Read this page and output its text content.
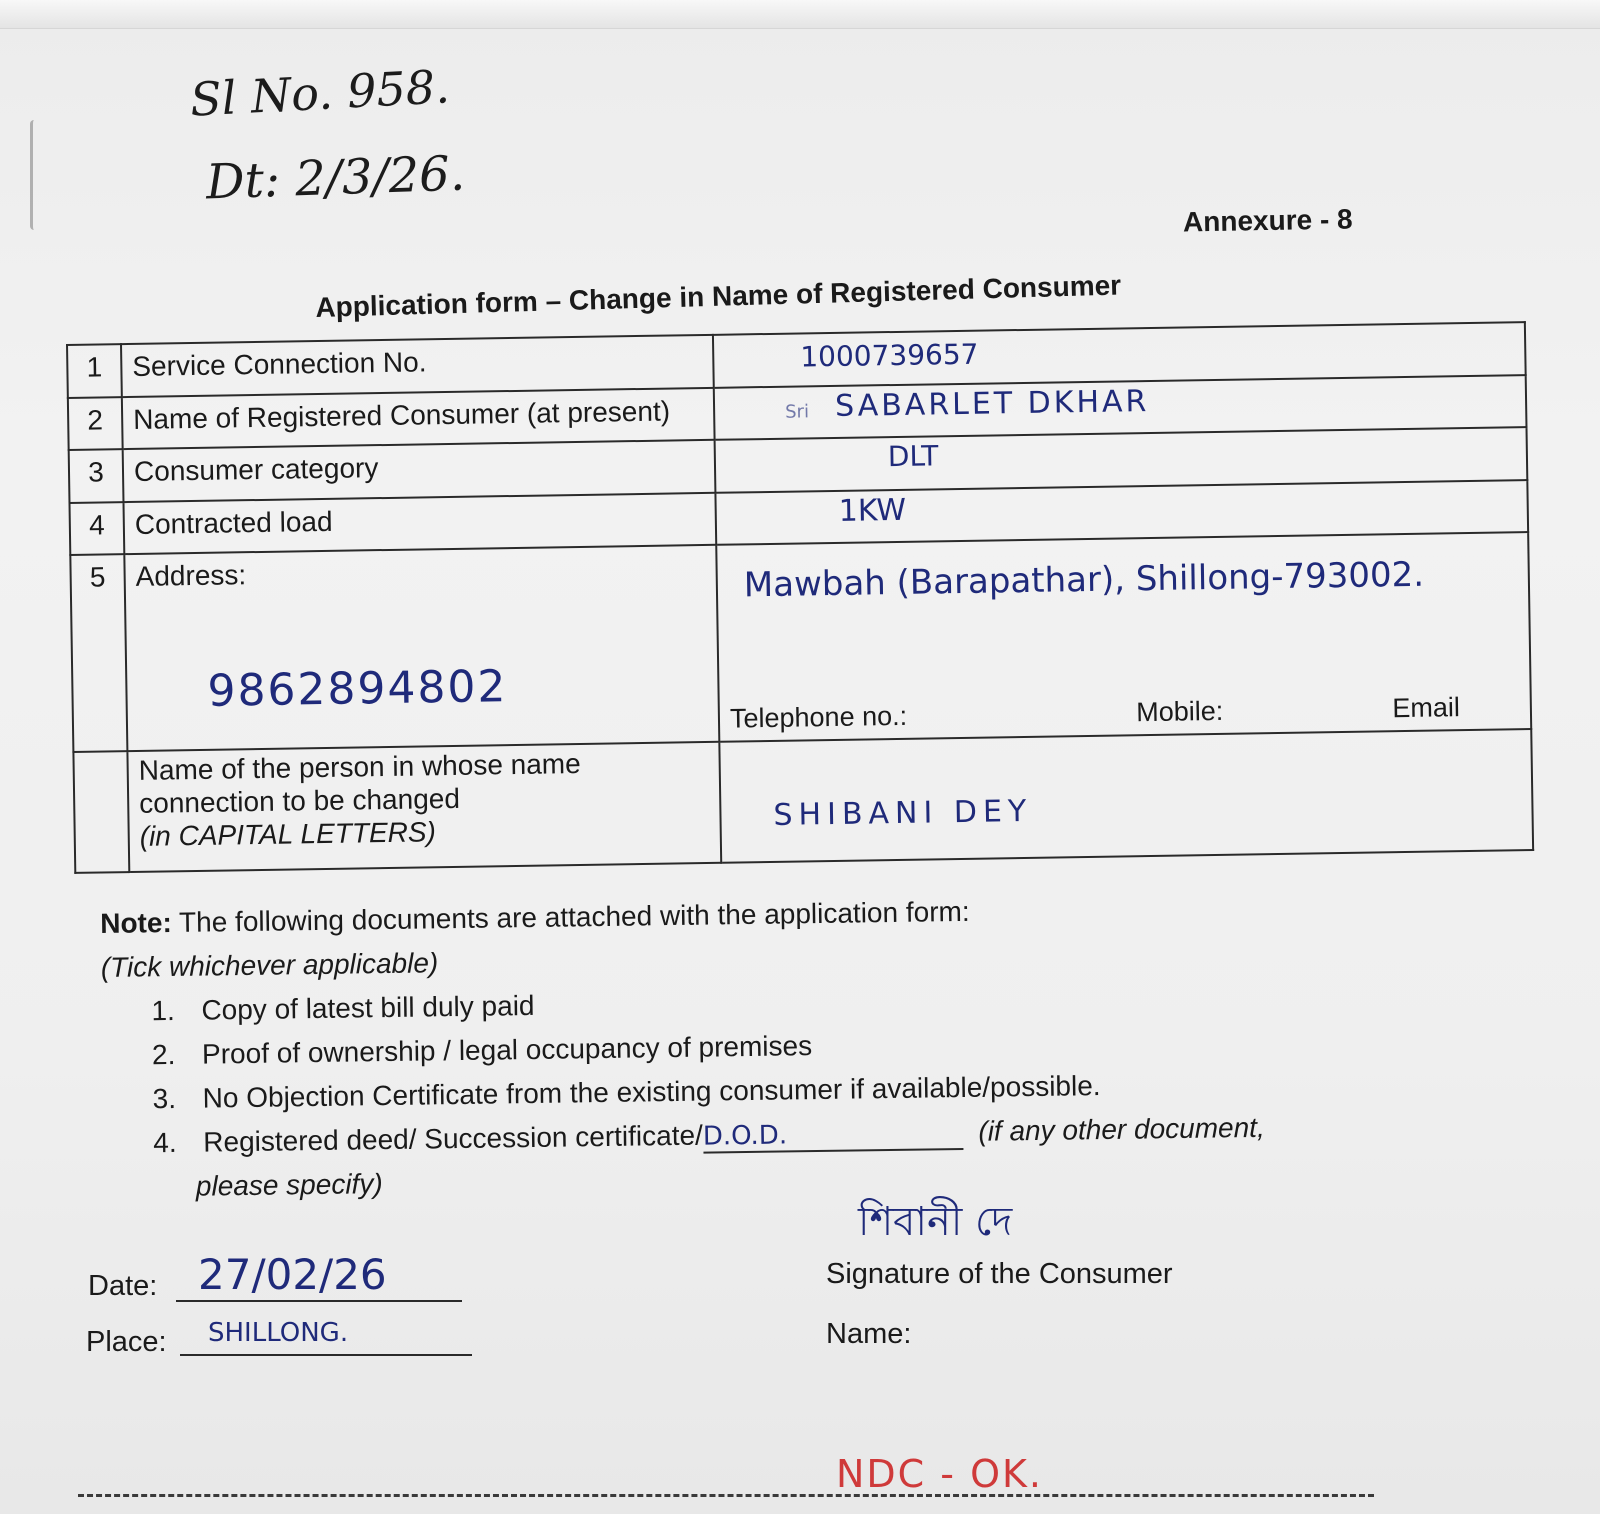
Sl No. 958.
Dt: 2/3/26.
Annexure - 8
Application form – Change in Name of Registered Consumer
1	Service Connection No.	1000739657

2	Name of Registered Consumer (at present)	Sri SABARLET DKHAR

3	Consumer category	DLT

4	Contracted load	1KW

5	Address:
9862894802	Mawbah (Barapathar), Shillong-793002.
Telephone no.: Mobile: Email

	Name of the person in whose name
connection to be changed
(in CAPITAL LETTERS)	SHIBANI DEY
Note: The following documents are attached with the application form:
(Tick whichever applicable)
1. Copy of latest bill duly paid
2. Proof of ownership / legal occupancy of premises
3. No Objection Certificate from the existing consumer if available/possible.
4. Registered deed/ Succession certificate/D.O.D.	(if any other document,
please specify)
শিবানী দে
Signature of the Consumer
Name:
Date: 27/02/26
Place: SHILLONG.
NDC - OK.
